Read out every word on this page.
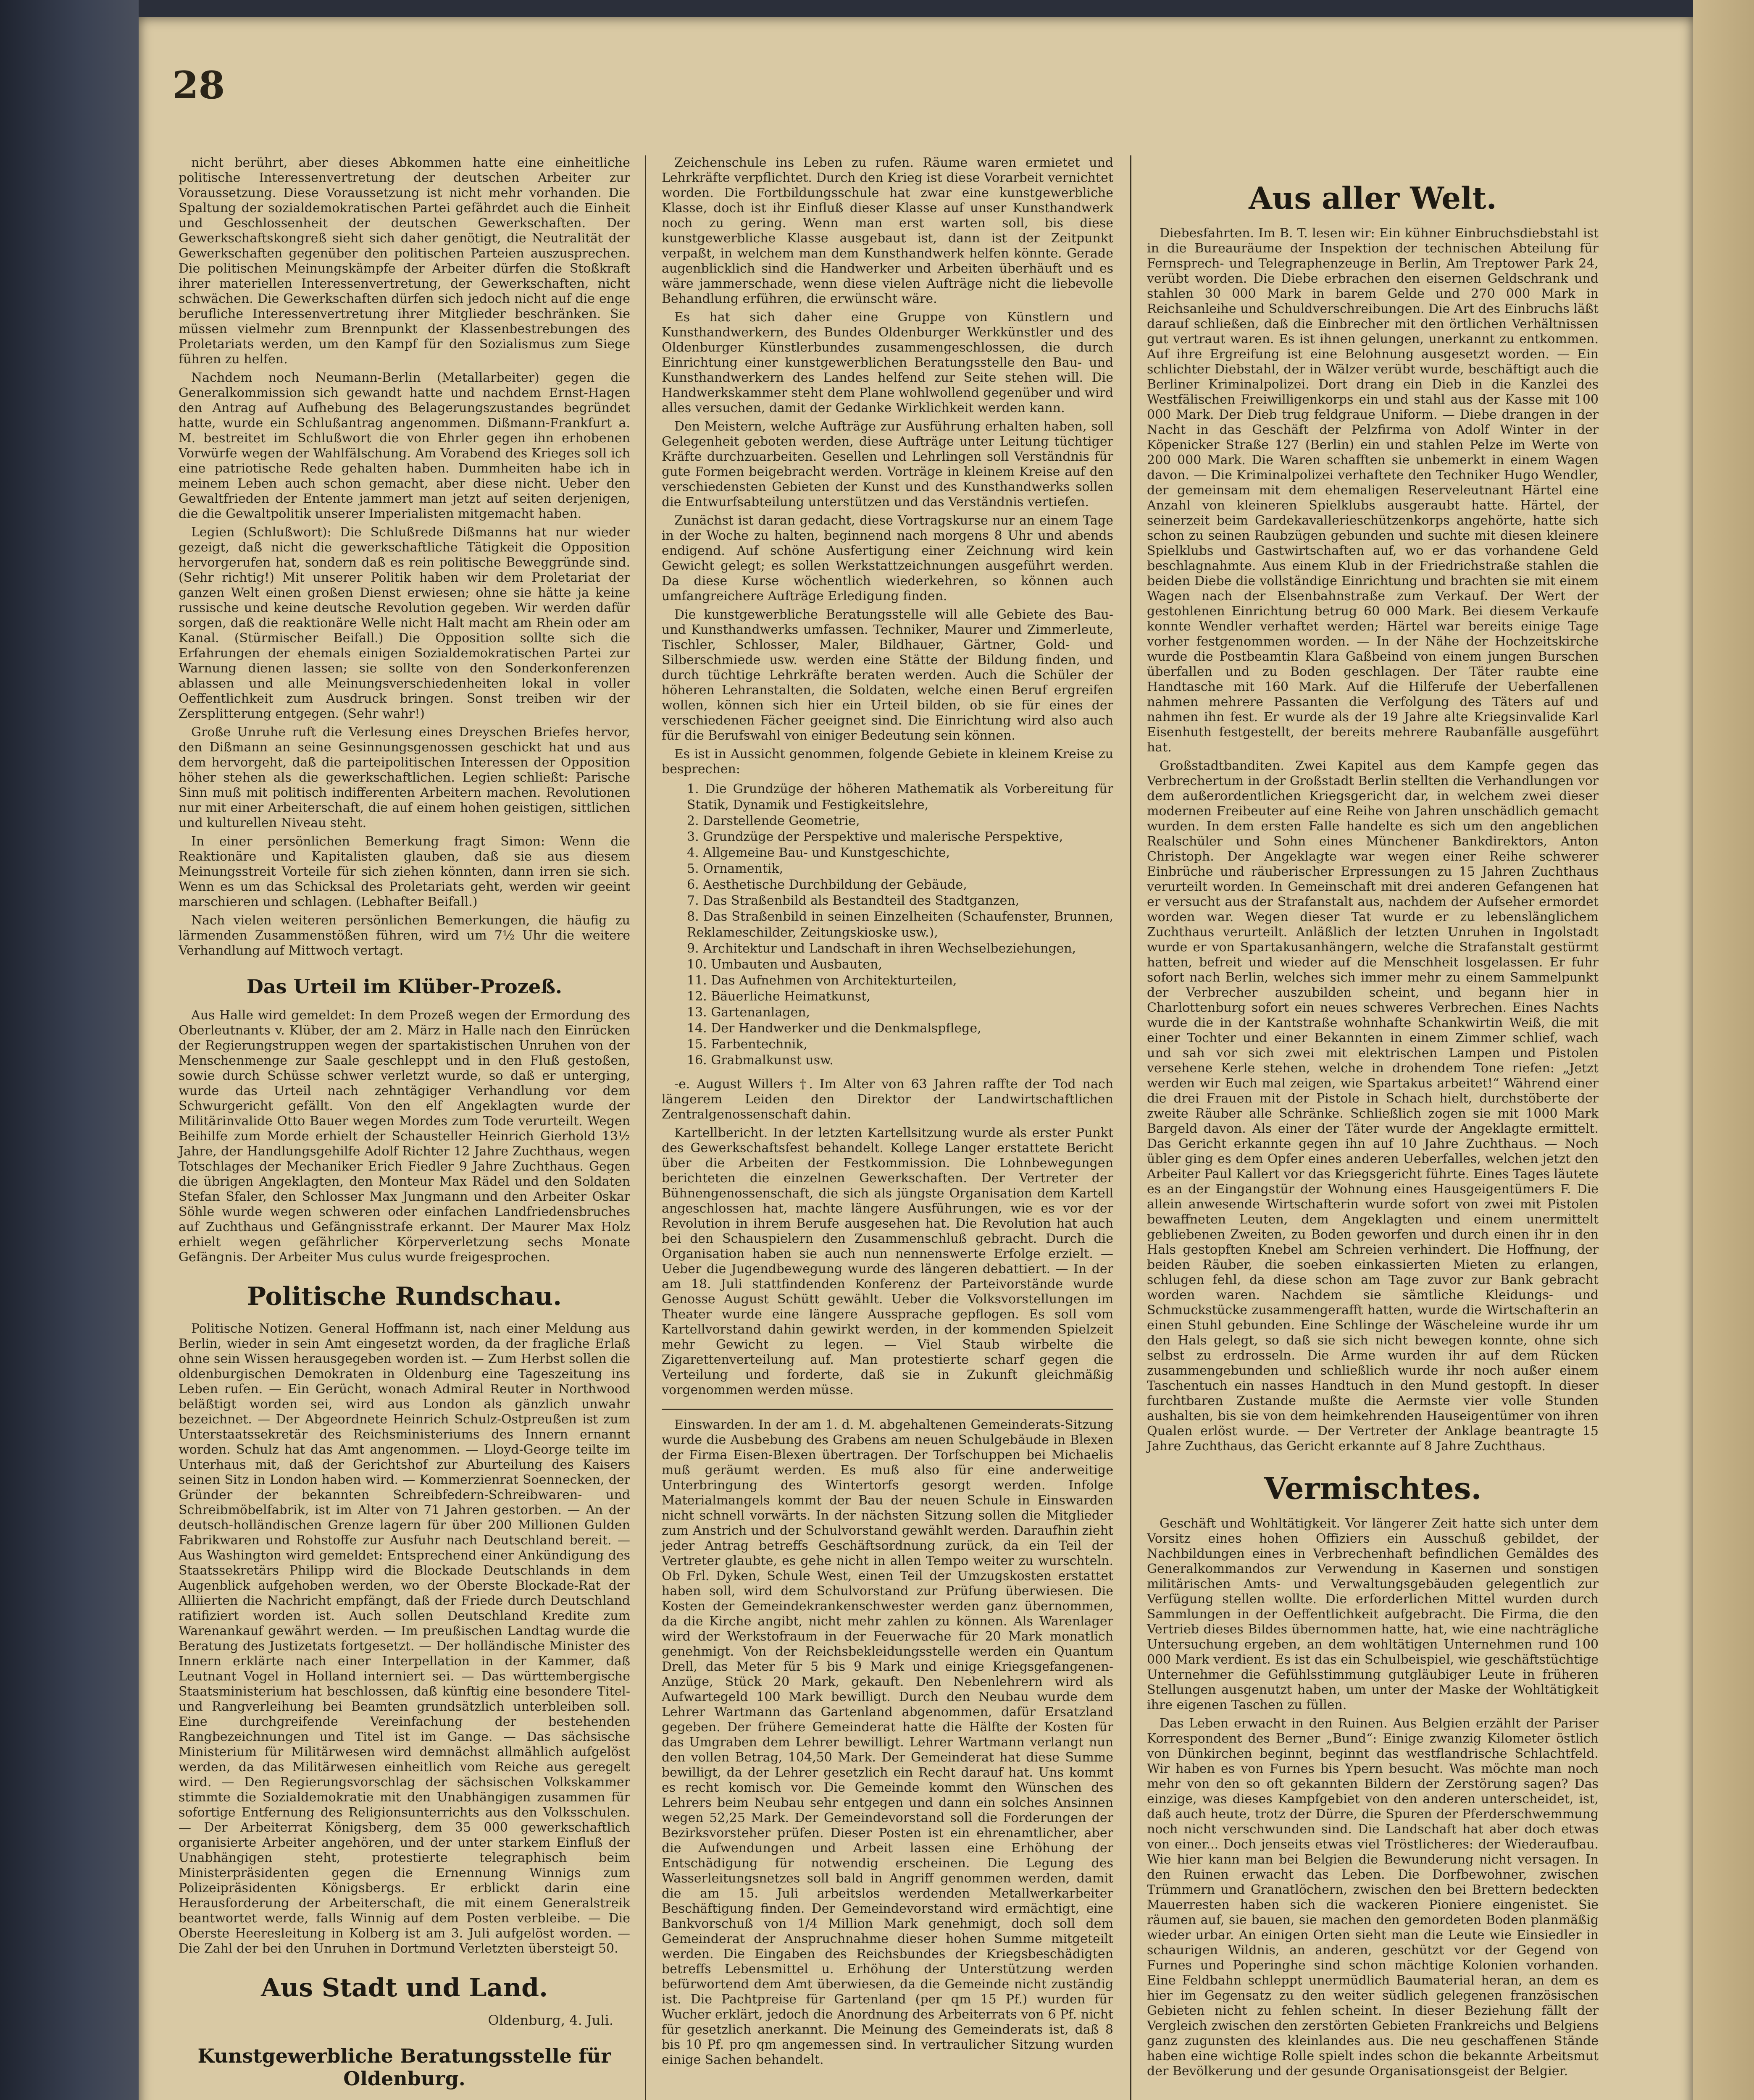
28

nicht berührt, aber dieses Abkommen hatte eine einheitliche politische Interessenvertretung der deutschen Arbeiter zur Voraussetzung. Diese Voraussetzung ist nicht mehr vorhanden. Die Spaltung der sozialdemokratischen Partei gefährdet auch die Einheit und Geschlossenheit der deutschen Gewerkschaften. Der Gewerkschaftskongreß sieht sich daher genötigt, die Neutralität der Gewerkschaften gegenüber den politischen Parteien auszusprechen. Die politischen Meinungskämpfe der Arbeiter dürfen die Stoßkraft ihrer materiellen Interessenvertretung, der Gewerkschaften, nicht schwächen. Die Gewerkschaften dürfen sich jedoch nicht auf die enge berufliche Interessenvertretung ihrer Mitglieder beschränken. Sie müssen vielmehr zum Brennpunkt der Klassenbestrebungen des Proletariats werden, um den Kampf für den Sozialismus zum Siege führen zu helfen.

Nachdem noch Neumann-Berlin (Metallarbeiter) gegen die Generalkommission sich gewandt hatte und nachdem Ernst-Hagen den Antrag auf Aufhebung des Belagerungszustandes begründet hatte, wurde ein Schlußantrag angenommen. Dißmann-Frankfurt a. M. bestreitet im Schlußwort die von Ehrler gegen ihn erhobenen Vorwürfe wegen der Wahlfälschung. Am Vorabend des Krieges soll ich eine patriotische Rede gehalten haben. Dummheiten habe ich in meinem Leben auch schon gemacht, aber diese nicht. Ueber den Gewaltfrieden der Entente jammert man jetzt auf seiten derjenigen, die die Gewaltpolitik unserer Imperialisten mitgemacht haben.

Legien (Schlußwort): Die Schlußrede Dißmanns hat nur wieder gezeigt, daß nicht die gewerkschaftliche Tätigkeit die Opposition hervorgerufen hat, sondern daß es rein politische Beweggründe sind. (Sehr richtig!) Mit unserer Politik haben wir dem Proletariat der ganzen Welt einen großen Dienst erwiesen; ohne sie hätte ja keine russische und keine deutsche Revolution gegeben. Wir werden dafür sorgen, daß die reaktionäre Welle nicht Halt macht am Rhein oder am Kanal. (Stürmischer Beifall.) Die Opposition sollte sich die Erfahrungen der ehemals einigen Sozialdemokratischen Partei zur Warnung dienen lassen; sie sollte von den Sonderkonferenzen ablassen und alle Meinungsverschiedenheiten lokal in voller Oeffentlichkeit zum Ausdruck bringen. Sonst treiben wir der Zersplitterung entgegen. (Sehr wahr!)

Große Unruhe ruft die Verlesung eines Dreyschen Briefes hervor, den Dißmann an seine Gesinnungsgenossen geschickt hat und aus dem hervorgeht, daß die parteipolitischen Interessen der Opposition höher stehen als die gewerkschaftlichen. Legien schließt: Parische Sinn muß mit politisch indifferenten Arbeitern machen. Revolutionen nur mit einer Arbeiterschaft, die auf einem hohen geistigen, sittlichen und kulturellen Niveau steht.

In einer persönlichen Bemerkung fragt Simon: Wenn die Reaktionäre und Kapitalisten glauben, daß sie aus diesem Meinungsstreit Vorteile für sich ziehen könnten, dann irren sie sich. Wenn es um das Schicksal des Proletariats geht, werden wir geeint marschieren und schlagen. (Lebhafter Beifall.)

Nach vielen weiteren persönlichen Bemerkungen, die häufig zu lärmenden Zusammenstößen führen, wird um 7½ Uhr die weitere Verhandlung auf Mittwoch vertagt.

Das Urteil im Klüber-Prozeß.

Aus Halle wird gemeldet: In dem Prozeß wegen der Ermordung des Oberleutnants v. Klüber, der am 2. März in Halle nach den Einrücken der Regierungstruppen wegen der spartakistischen Unruhen von der Menschenmenge zur Saale geschleppt und in den Fluß gestoßen, sowie durch Schüsse schwer verletzt wurde, so daß er unterging, wurde das Urteil nach zehntägiger Verhandlung vor dem Schwurgericht gefällt. Von den elf Angeklagten wurde der Militärinvalide Otto Bauer wegen Mordes zum Tode verurteilt. Wegen Beihilfe zum Morde erhielt der Schausteller Heinrich Gierhold 13½ Jahre, der Handlungsgehilfe Adolf Richter 12 Jahre Zuchthaus, wegen Totschlages der Mechaniker Erich Fiedler 9 Jahre Zuchthaus. Gegen die übrigen Angeklagten, den Monteur Max Rädel und den Soldaten Stefan Sfaler, den Schlosser Max Jungmann und den Arbeiter Oskar Söhle wurde wegen schweren oder einfachen Landfriedensbruches auf Zuchthaus und Gefängnisstrafe erkannt. Der Maurer Max Holz erhielt wegen gefährlicher Körperverletzung sechs Monate Gefängnis. Der Arbeiter Mus culus wurde freigesprochen.

Politische Rundschau.

Politische Notizen. General Hoffmann ist, nach einer Meldung aus Berlin, wieder in sein Amt eingesetzt worden, da der fragliche Erlaß ohne sein Wissen herausgegeben worden ist. — Zum Herbst sollen die oldenburgischen Demokraten in Oldenburg eine Tageszeitung ins Leben rufen. — Ein Gerücht, wonach Admiral Reuter in Northwood beläßtigt worden sei, wird aus London als gänzlich unwahr bezeichnet. — Der Abgeordnete Heinrich Schulz-Ostpreußen ist zum Unterstaatssekretär des Reichsministeriums des Innern ernannt worden. Schulz hat das Amt angenommen. — Lloyd-George teilte im Unterhaus mit, daß der Gerichtshof zur Aburteilung des Kaisers seinen Sitz in London haben wird. — Kommerzienrat Soennecken, der Gründer der bekannten Schreibfedern-Schreibwaren- und Schreibmöbelfabrik, ist im Alter von 71 Jahren gestorben. — An der deutsch-holländischen Grenze lagern für über 200 Millionen Gulden Fabrikwaren und Rohstoffe zur Ausfuhr nach Deutschland bereit. — Aus Washington wird gemeldet: Entsprechend einer Ankündigung des Staatssekretärs Philipp wird die Blockade Deutschlands in dem Augenblick aufgehoben werden, wo der Oberste Blockade-Rat der Alliierten die Nachricht empfängt, daß der Friede durch Deutschland ratifiziert worden ist. Auch sollen Deutschland Kredite zum Warenankauf gewährt werden. — Im preußischen Landtag wurde die Beratung des Justizetats fortgesetzt. — Der holländische Minister des Innern erklärte nach einer Interpellation in der Kammer, daß Leutnant Vogel in Holland interniert sei. — Das württembergische Staatsministerium hat beschlossen, daß künftig eine besondere Titel- und Rangverleihung bei Beamten grundsätzlich unterbleiben soll. Eine durchgreifende Vereinfachung der bestehenden Rangbezeichnungen und Titel ist im Gange. — Das sächsische Ministerium für Militärwesen wird demnächst allmählich aufgelöst werden, da das Militärwesen einheitlich vom Reiche aus geregelt wird. — Den Regierungsvorschlag der sächsischen Volkskammer stimmte die Sozialdemokratie mit den Unabhängigen zusammen für sofortige Entfernung des Religionsunterrichts aus den Volksschulen. — Der Arbeiterrat Königsberg, dem 35 000 gewerkschaftlich organisierte Arbeiter angehören, und der unter starkem Einfluß der Unabhängigen steht, protestierte telegraphisch beim Ministerpräsidenten gegen die Ernennung Winnigs zum Polizeipräsidenten Königsbergs. Er erblickt darin eine Herausforderung der Arbeiterschaft, die mit einem Generalstreik beantwortet werde, falls Winnig auf dem Posten verbleibe. — Die Oberste Heeresleitung in Kolberg ist am 3. Juli aufgelöst worden. — Die Zahl der bei den Unruhen in Dortmund Verletzten übersteigt 50.

Aus Stadt und Land.
Oldenburg, 4. Juli.
Kunstgewerbliche Beratungsstelle für Oldenburg.

Zeichenschule ins Leben zu rufen. Räume waren ermietet und Lehrkräfte verpflichtet. Durch den Krieg ist diese Vorarbeit vernichtet worden. Die Fortbildungsschule hat zwar eine kunstgewerbliche Klasse, doch ist ihr Einfluß dieser Klasse auf unser Kunsthandwerk noch zu gering. Wenn man erst warten soll, bis diese kunstgewerbliche Klasse ausgebaut ist, dann ist der Zeitpunkt verpaßt, in welchem man dem Kunsthandwerk helfen könnte. Gerade augenblicklich sind die Handwerker und Arbeiten überhäuft und es wäre jammerschade, wenn diese vielen Aufträge nicht die liebevolle Behandlung erführen, die erwünscht wäre.

Es hat sich daher eine Gruppe von Künstlern und Kunsthandwerkern, des Bundes Oldenburger Werkkünstler und des Oldenburger Künstlerbundes zusammengeschlossen, die durch Einrichtung einer kunstgewerblichen Beratungsstelle den Bau- und Kunsthandwerkern des Landes helfend zur Seite stehen will. Die Handwerkskammer steht dem Plane wohlwollend gegenüber und wird alles versuchen, damit der Gedanke Wirklichkeit werden kann.

Den Meistern, welche Aufträge zur Ausführung erhalten haben, soll Gelegenheit geboten werden, diese Aufträge unter Leitung tüchtiger Kräfte durchzuarbeiten. Gesellen und Lehrlingen soll Verständnis für gute Formen beigebracht werden. Vorträge in kleinem Kreise auf den verschiedensten Gebieten der Kunst und des Kunsthandwerks sollen die Entwurfsabteilung unterstützen und das Verständnis vertiefen.

Zunächst ist daran gedacht, diese Vortragskurse nur an einem Tage in der Woche zu halten, beginnend nach morgens 8 Uhr und abends endigend. Auf schöne Ausfertigung einer Zeichnung wird kein Gewicht gelegt; es sollen Werkstattzeichnungen ausgeführt werden. Da diese Kurse wöchentlich wiederkehren, so können auch umfangreichere Aufträge Erledigung finden.

Die kunstgewerbliche Beratungsstelle will alle Gebiete des Bau- und Kunsthandwerks umfassen. Techniker, Maurer und Zimmerleute, Tischler, Schlosser, Maler, Bildhauer, Gärtner, Gold- und Silberschmiede usw. werden eine Stätte der Bildung finden, und durch tüchtige Lehrkräfte beraten werden. Auch die Schüler der höheren Lehranstalten, die Soldaten, welche einen Beruf ergreifen wollen, können sich hier ein Urteil bilden, ob sie für eines der verschiedenen Fächer geeignet sind. Die Einrichtung wird also auch für die Berufswahl von einiger Bedeutung sein können.

Es ist in Aussicht genommen, folgende Gebiete in kleinem Kreise zu besprechen:

1. Die Grundzüge der höheren Mathematik als Vorbereitung für Statik, Dynamik und Festigkeitslehre,
2. Darstellende Geometrie,
3. Grundzüge der Perspektive und malerische Perspektive,
4. Allgemeine Bau- und Kunstgeschichte,
5. Ornamentik,
6. Aesthetische Durchbildung der Gebäude,
7. Das Straßenbild als Bestandteil des Stadtganzen,
8. Das Straßenbild in seinen Einzelheiten (Schaufenster, Brunnen, Reklameschilder, Zeitungskioske usw.),
9. Architektur und Landschaft in ihren Wechselbeziehungen,
10. Umbauten und Ausbauten,
11. Das Aufnehmen von Architekturteilen,
12. Bäuerliche Heimatkunst,
13. Gartenanlagen,
14. Der Handwerker und die Denkmalspflege,
15. Farbentechnik,
16. Grabmalkunst usw.

-e. August Willers †. Im Alter von 63 Jahren raffte der Tod nach längerem Leiden den Direktor der Landwirtschaftlichen Zentralgenossenschaft dahin.

Kartellbericht. In der letzten Kartellsitzung wurde als erster Punkt des Gewerkschaftsfest behandelt. Kollege Langer erstattete Bericht über die Arbeiten der Festkommission. Die Lohnbewegungen berichteten die einzelnen Gewerkschaften. Der Vertreter der Bühnengenossenschaft, die sich als jüngste Organisation dem Kartell angeschlossen hat, machte längere Ausführungen, wie es vor der Revolution in ihrem Berufe ausgesehen hat. Die Revolution hat auch bei den Schauspielern den Zusammenschluß gebracht. Durch die Organisation haben sie auch nun nennenswerte Erfolge erzielt. — Ueber die Jugendbewegung wurde des längeren debattiert. — In der am 18. Juli stattfindenden Konferenz der Parteivorstände wurde Genosse August Schütt gewählt. Ueber die Volksvorstellungen im Theater wurde eine längere Aussprache gepflogen. Es soll vom Kartellvorstand dahin gewirkt werden, in der kommenden Spielzeit mehr Gewicht zu legen. — Viel Staub wirbelte die Zigarettenverteilung auf. Man protestierte scharf gegen die Verteilung und forderte, daß sie in Zukunft gleichmäßig vorgenommen werden müsse.

Einswarden. In der am 1. d. M. abgehaltenen Gemeinderats-Sitzung wurde die Ausbebung des Grabens am neuen Schulgebäude in Blexen der Firma Eisen-Blexen übertragen. Der Torfschuppen bei Michaelis muß geräumt werden. Es muß also für eine anderweitige Unterbringung des Wintertorfs gesorgt werden. Infolge Materialmangels kommt der Bau der neuen Schule in Einswarden nicht schnell vorwärts. In der nächsten Sitzung sollen die Mitglieder zum Anstrich und der Schulvorstand gewählt werden. Daraufhin zieht jeder Antrag betreffs Geschäftsordnung zurück, da ein Teil der Vertreter glaubte, es gehe nicht in allen Tempo weiter zu wurschteln. Ob Frl. Dyken, Schule West, einen Teil der Umzugskosten erstattet haben soll, wird dem Schulvorstand zur Prüfung überwiesen. Die Kosten der Gemeindekrankenschwester werden ganz übernommen, da die Kirche angibt, nicht mehr zahlen zu können. Als Warenlager wird der Werkstofraum in der Feuerwache für 20 Mark monatlich genehmigt. Von der Reichsbekleidungsstelle werden ein Quantum Drell, das Meter für 5 bis 9 Mark und einige Kriegsgefangenen-Anzüge, Stück 20 Mark, gekauft. Den Nebenlehrern wird als Aufwartegeld 100 Mark bewilligt. Durch den Neubau wurde dem Lehrer Wartmann das Gartenland abgenommen, dafür Ersatzland gegeben. Der frühere Gemeinderat hatte die Hälfte der Kosten für das Umgraben dem Lehrer bewilligt. Lehrer Wartmann verlangt nun den vollen Betrag, 104,50 Mark. Der Gemeinderat hat diese Summe bewilligt, da der Lehrer gesetzlich ein Recht darauf hat. Uns kommt es recht komisch vor. Die Gemeinde kommt den Wünschen des Lehrers beim Neubau sehr entgegen und dann ein solches Ansinnen wegen 52,25 Mark. Der Gemeindevorstand soll die Forderungen der Bezirksvorsteher prüfen. Dieser Posten ist ein ehrenamtlicher, aber die Aufwendungen und Arbeit lassen eine Erhöhung der Entschädigung für notwendig erscheinen. Die Legung des Wasserleitungsnetzes soll bald in Angriff genommen werden, damit die am 15. Juli arbeitslos werdenden Metallwerkarbeiter Beschäftigung finden. Der Gemeindevorstand wird ermächtigt, eine Bankvorschuß von 1/4 Million Mark genehmigt, doch soll dem Gemeinderat der Anspruchnahme dieser hohen Summe mitgeteilt werden. Die Eingaben des Reichsbundes der Kriegsbeschädigten betreffs Lebensmittel u. Erhöhung der Unterstützung werden befürwortend dem Amt überwiesen, da die Gemeinde nicht zuständig ist. Die Pachtpreise für Gartenland (per qm 15 Pf.) wurden für Wucher erklärt, jedoch die Anordnung des Arbeiterrats von 6 Pf. nicht für gesetzlich anerkannt. Die Meinung des Gemeinderats ist, daß 8 bis 10 Pf. pro qm angemessen sind. In vertraulicher Sitzung wurden einige Sachen behandelt.

Aus aller Welt.

Diebesfahrten. Im B. T. lesen wir: Ein kühner Einbruchsdiebstahl ist in die Bureauräume der Inspektion der technischen Abteilung für Fernsprech- und Telegraphenzeuge in Berlin, Am Treptower Park 24, verübt worden. Die Diebe erbrachen den eisernen Geldschrank und stahlen 30 000 Mark in barem Gelde und 270 000 Mark in Reichsanleihe und Schuldverschreibungen. Die Art des Einbruchs läßt darauf schließen, daß die Einbrecher mit den örtlichen Verhältnissen gut vertraut waren. Es ist ihnen gelungen, unerkannt zu entkommen. Auf ihre Ergreifung ist eine Belohnung ausgesetzt worden. — Ein schlichter Diebstahl, der in Wälzer verübt wurde, beschäftigt auch die Berliner Kriminalpolizei. Dort drang ein Dieb in die Kanzlei des Westfälischen Freiwilligenkorps ein und stahl aus der Kasse mit 100 000 Mark. Der Dieb trug feldgraue Uniform. — Diebe drangen in der Nacht in das Geschäft der Pelzfirma von Adolf Winter in der Köpenicker Straße 127 (Berlin) ein und stahlen Pelze im Werte von 200 000 Mark. Die Waren schafften sie unbemerkt in einem Wagen davon. — Die Kriminalpolizei verhaftete den Techniker Hugo Wendler, der gemeinsam mit dem ehemaligen Reserveleutnant Härtel eine Anzahl von kleineren Spielklubs ausgeraubt hatte. Härtel, der seinerzeit beim Gardekavallerieschützenkorps angehörte, hatte sich schon zu seinen Raubzügen gebunden und suchte mit diesen kleinere Spielklubs und Gastwirtschaften auf, wo er das vorhandene Geld beschlagnahmte. Aus einem Klub in der Friedrichstraße stahlen die beiden Diebe die vollständige Einrichtung und brachten sie mit einem Wagen nach der Elsenbahnstraße zum Verkauf. Der Wert der gestohlenen Einrichtung betrug 60 000 Mark. Bei diesem Verkaufe konnte Wendler verhaftet werden; Härtel war bereits einige Tage vorher festgenommen worden. — In der Nähe der Hochzeitskirche wurde die Postbeamtin Klara Gaßbeind von einem jungen Burschen überfallen und zu Boden geschlagen. Der Täter raubte eine Handtasche mit 160 Mark. Auf die Hilferufe der Ueberfallenen nahmen mehrere Passanten die Verfolgung des Täters auf und nahmen ihn fest. Er wurde als der 19 Jahre alte Kriegsinvalide Karl Eisenhuth festgestellt, der bereits mehrere Raubanfälle ausgeführt hat.

Großstadtbanditen. Zwei Kapitel aus dem Kampfe gegen das Verbrechertum in der Großstadt Berlin stellten die Verhandlungen vor dem außerordentlichen Kriegsgericht dar, in welchem zwei dieser modernen Freibeuter auf eine Reihe von Jahren unschädlich gemacht wurden. In dem ersten Falle handelte es sich um den angeblichen Realschüler und Sohn eines Münchener Bankdirektors, Anton Christoph. Der Angeklagte war wegen einer Reihe schwerer Einbrüche und räuberischer Erpressungen zu 15 Jahren Zuchthaus verurteilt worden. In Gemeinschaft mit drei anderen Gefangenen hat er versucht aus der Strafanstalt aus, nachdem der Aufseher ermordet worden war. Wegen dieser Tat wurde er zu lebenslänglichem Zuchthaus verurteilt. Anläßlich der letzten Unruhen in Ingolstadt wurde er von Spartakusanhängern, welche die Strafanstalt gestürmt hatten, befreit und wieder auf die Menschheit losgelassen. Er fuhr sofort nach Berlin, welches sich immer mehr zu einem Sammelpunkt der Verbrecher auszubilden scheint, und begann hier in Charlottenburg sofort ein neues schweres Verbrechen. Eines Nachts wurde die in der Kantstraße wohnhafte Schankwirtin Weiß, die mit einer Tochter und einer Bekannten in einem Zimmer schlief, wach und sah vor sich zwei mit elektrischen Lampen und Pistolen versehene Kerle stehen, welche in drohendem Tone riefen: „Jetzt werden wir Euch mal zeigen, wie Spartakus arbeitet!“ Während einer die drei Frauen mit der Pistole in Schach hielt, durchstöberte der zweite Räuber alle Schränke. Schließlich zogen sie mit 1000 Mark Bargeld davon. Als einer der Täter wurde der Angeklagte ermittelt. Das Gericht erkannte gegen ihn auf 10 Jahre Zuchthaus. — Noch übler ging es dem Opfer eines anderen Ueberfalles, welchen jetzt den Arbeiter Paul Kallert vor das Kriegsgericht führte. Eines Tages läutete es an der Eingangstür der Wohnung eines Hausgeigentümers F. Die allein anwesende Wirtschafterin wurde sofort von zwei mit Pistolen bewaffneten Leuten, dem Angeklagten und einem unermittelt gebliebenen Zweiten, zu Boden geworfen und durch einen ihr in den Hals gestopften Knebel am Schreien verhindert. Die Hoffnung, der beiden Räuber, die soeben einkassierten Mieten zu erlangen, schlugen fehl, da diese schon am Tage zuvor zur Bank gebracht worden waren. Nachdem sie sämtliche Kleidungs- und Schmuckstücke zusammengerafft hatten, wurde die Wirtschafterin an einen Stuhl gebunden. Eine Schlinge der Wäscheleine wurde ihr um den Hals gelegt, so daß sie sich nicht bewegen konnte, ohne sich selbst zu erdrosseln. Die Arme wurden ihr auf dem Rücken zusammengebunden und schließlich wurde ihr noch außer einem Taschentuch ein nasses Handtuch in den Mund gestopft. In dieser furchtbaren Zustande mußte die Aermste vier volle Stunden aushalten, bis sie von dem heimkehrenden Hauseigentümer von ihren Qualen erlöst wurde. — Der Vertreter der Anklage beantragte 15 Jahre Zuchthaus, das Gericht erkannte auf 8 Jahre Zuchthaus.

Vermischtes.

Geschäft und Wohltätigkeit. Vor längerer Zeit hatte sich unter dem Vorsitz eines hohen Offiziers ein Ausschuß gebildet, der Nachbildungen eines in Verbrechenhaft befindlichen Gemäldes des Generalkommandos zur Verwendung in Kasernen und sonstigen militärischen Amts- und Verwaltungsgebäuden gelegentlich zur Verfügung stellen wollte. Die erforderlichen Mittel wurden durch Sammlungen in der Oeffentlichkeit aufgebracht. Die Firma, die den Vertrieb dieses Bildes übernommen hatte, hat, wie eine nachträgliche Untersuchung ergeben, an dem wohltätigen Unternehmen rund 100 000 Mark verdient. Es ist das ein Schulbeispiel, wie geschäftstüchtige Unternehmer die Gefühlsstimmung gutgläubiger Leute in früheren Stellungen ausgenutzt haben, um unter der Maske der Wohltätigkeit ihre eigenen Taschen zu füllen.

Das Leben erwacht in den Ruinen. Aus Belgien erzählt der Pariser Korrespondent des Berner „Bund“: Einige zwanzig Kilometer östlich von Dünkirchen beginnt, beginnt das westflandrische Schlachtfeld. Wir haben es von Furnes bis Ypern besucht. Was möchte man noch mehr von den so oft gekannten Bildern der Zerstörung sagen? Das einzige, was dieses Kampfgebiet von den anderen unterscheidet, ist, daß auch heute, trotz der Dürre, die Spuren der Pferderschwemmung noch nicht verschwunden sind. Die Landschaft hat aber doch etwas von einer... Doch jenseits etwas viel Tröstlicheres: der Wiederaufbau. Wie hier kann man bei Belgien die Bewunderung nicht versagen. In den Ruinen erwacht das Leben. Die Dorfbewohner, zwischen Trümmern und Granatlöchern, zwischen den bei Brettern bedeckten Mauerresten haben sich die wackeren Pioniere eingenistet. Sie räumen auf, sie bauen, sie machen den gemordeten Boden planmäßig wieder urbar. An einigen Orten sieht man die Leute wie Einsiedler in schaurigen Wildnis, an anderen, geschützt vor der Gegend von Furnes und Poperinghe sind schon mächtige Kolonien vorhanden. Eine Feldbahn schleppt unermüdlich Baumaterial heran, an dem es hier im Gegensatz zu den weiter südlich gelegenen französischen Gebieten nicht zu fehlen scheint. In dieser Beziehung fällt der Vergleich zwischen den zerstörten Gebieten Frankreichs und Belgiens ganz zugunsten des kleinlandes aus. Die neu geschaffenen Stände haben eine wichtige Rolle spielt indes schon die bekannte Arbeitsmut der Bevölkerung und der gesunde Organisationsgeist der Belgier.
